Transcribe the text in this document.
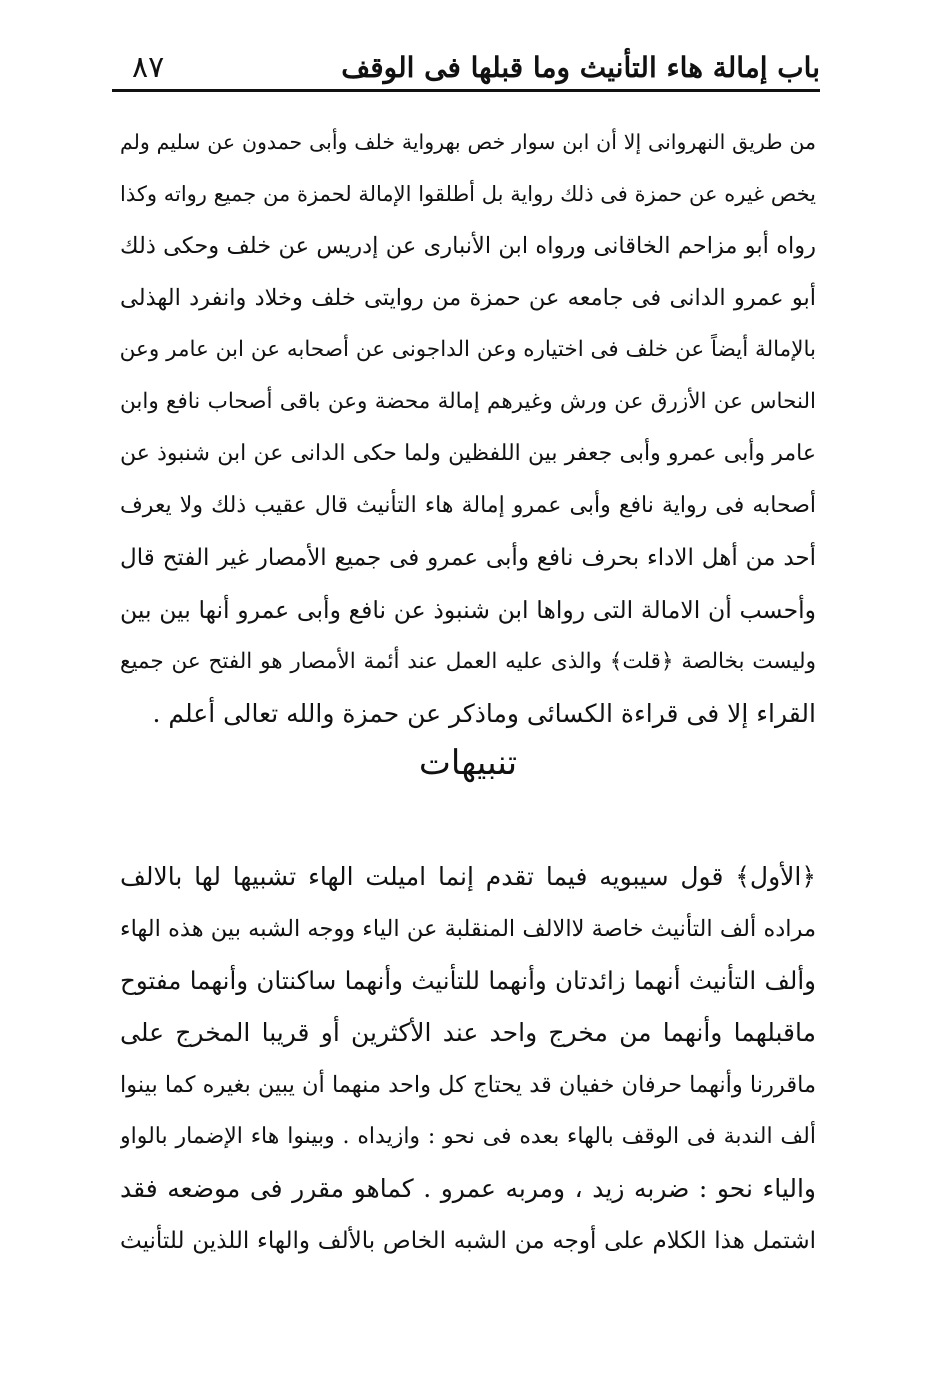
٨٧	باب إمالة هاء التأنيث وما قبلها فى الوقف
من طريق النهروانى إلا أن ابن سوار خص بهرواية خلف وأبى حمدون عن سليم ولم
يخص غيره عن حمزة فى ذلك رواية بل أطلقوا الإمالة لحمزة من جميع رواته وكذا
رواه أبو مزاحم الخاقانى ورواه ابن الأنبارى عن إدريس عن خلف وحكى ذلك
أبو عمرو الدانى فى جامعه عن حمزة من روايتى خلف وخلاد وانفرد الهذلى
بالإمالة أيضاً عن خلف فى اختياره وعن الداجونى عن أصحابه عن ابن عامر وعن
النحاس عن الأزرق عن ورش وغيرهم إمالة محضة وعن باقى أصحاب نافع وابن
عامر وأبى عمرو وأبى جعفر بين اللفظين ولما حكى الدانى عن ابن شنبوذ عن
أصحابه فى رواية نافع وأبى عمرو إمالة هاء التأنيث قال عقيب ذلك ولا يعرف
أحد من أهل الاداء بحرف نافع وأبى عمرو فى جميع الأمصار غير الفتح قال
وأحسب أن الامالة التى رواها ابن شنبوذ عن نافع وأبى عمرو أنها بين بين
وليست بخالصة ﴿قلت﴾ والذى عليه العمل عند أئمة الأمصار هو الفتح عن جميع
القراء إلا فى قراءة الكسائى وماذكر عن حمزة والله تعالى أعلم .
تنبيهات
﴿الأول﴾ قول سيبويه فيما تقدم إنما اميلت الهاء تشبيها لها بالالف
مراده ألف التأنيث خاصة لاالالف المنقلبة عن الياء ووجه الشبه بين هذه الهاء
وألف التأنيث أنهما زائدتان وأنهما للتأنيث وأنهما ساكنتان وأنهما مفتوح
ماقبلهما وأنهما من مخرج واحد عند الأكثرين أو قريبا المخرج على
ماقررنا وأنهما حرفان خفيان قد يحتاج كل واحد منهما أن يبين بغيره كما بينوا
ألف الندبة فى الوقف بالهاء بعده فى نحو : وازيداه . وبينوا هاء الإضمار بالواو
والياء نحو : ضربه زيد ، ومربه عمرو . كماهو مقرر فى موضعه فقد
اشتمل هذا الكلام على أوجه من الشبه الخاص بالألف والهاء اللذين للتأنيث
